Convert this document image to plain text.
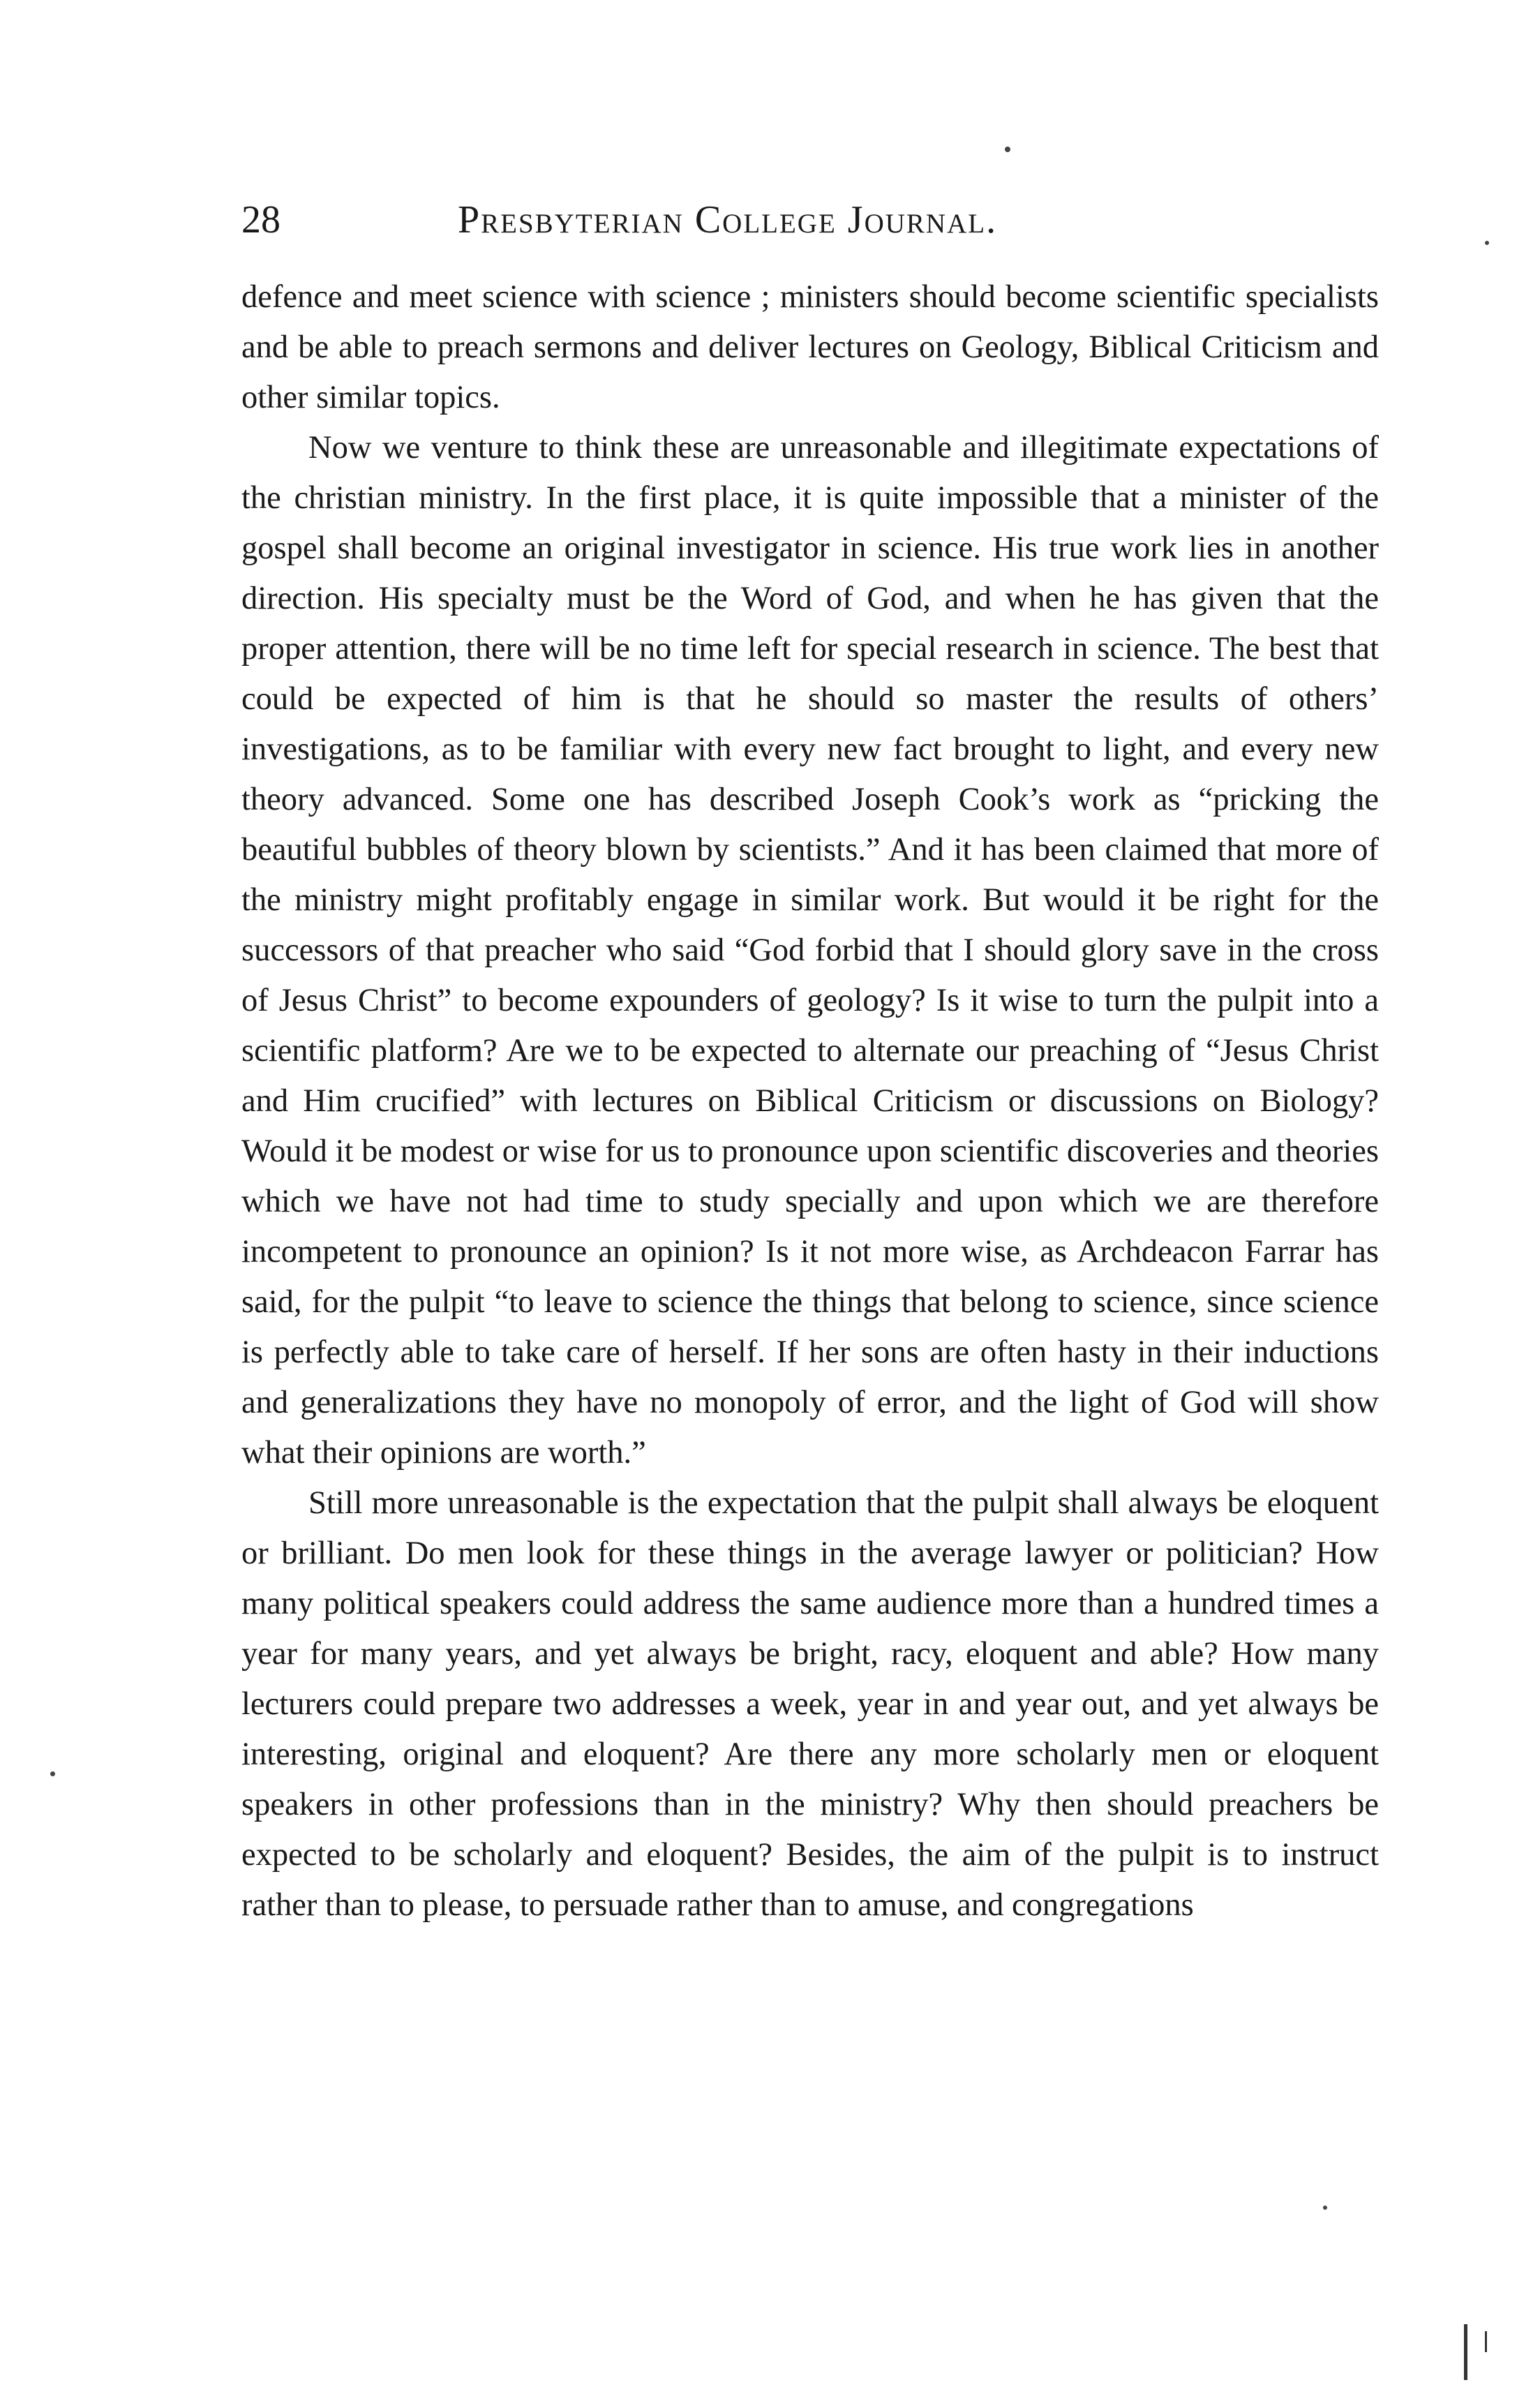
28	Presbyterian College Journal.

defence and meet science with science ; ministers should become scientific specialists and be able to preach sermons and deliver lectures on Geology, Biblical Criticism and other similar topics.

Now we venture to think these are unreasonable and illegitimate expectations of the christian ministry. In the first place, it is quite impossible that a minister of the gospel shall become an original investigator in science. His true work lies in another direction. His specialty must be the Word of God, and when he has given that the proper attention, there will be no time left for special research in science. The best that could be expected of him is that he should so master the results of others’ investigations, as to be familiar with every new fact brought to light, and every new theory advanced. Some one has described Joseph Cook’s work as “pricking the beautiful bubbles of theory blown by scientists.” And it has been claimed that more of the ministry might profitably engage in similar work. But would it be right for the successors of that preacher who said “God forbid that I should glory save in the cross of Jesus Christ” to become expounders of geology? Is it wise to turn the pulpit into a scientific platform? Are we to be expected to alternate our preaching of “Jesus Christ and Him crucified” with lectures on Biblical Criticism or discussions on Biology? Would it be modest or wise for us to pronounce upon scientific discoveries and theories which we have not had time to study specially and upon which we are therefore incompetent to pronounce an opinion? Is it not more wise, as Archdeacon Farrar has said, for the pulpit “to leave to science the things that belong to science, since science is perfectly able to take care of herself. If her sons are often hasty in their inductions and generalizations they have no monopoly of error, and the light of God will show what their opinions are worth.”

Still more unreasonable is the expectation that the pulpit shall always be eloquent or brilliant. Do men look for these things in the average lawyer or politician? How many political speakers could address the same audience more than a hundred times a year for many years, and yet always be bright, racy, eloquent and able? How many lecturers could prepare two addresses a week, year in and year out, and yet always be interesting, original and eloquent? Are there any more scholarly men or eloquent speakers in other professions than in the ministry? Why then should preachers be expected to be scholarly and eloquent? Besides, the aim of the pulpit is to instruct rather than to please, to persuade rather than to amuse, and congregations
